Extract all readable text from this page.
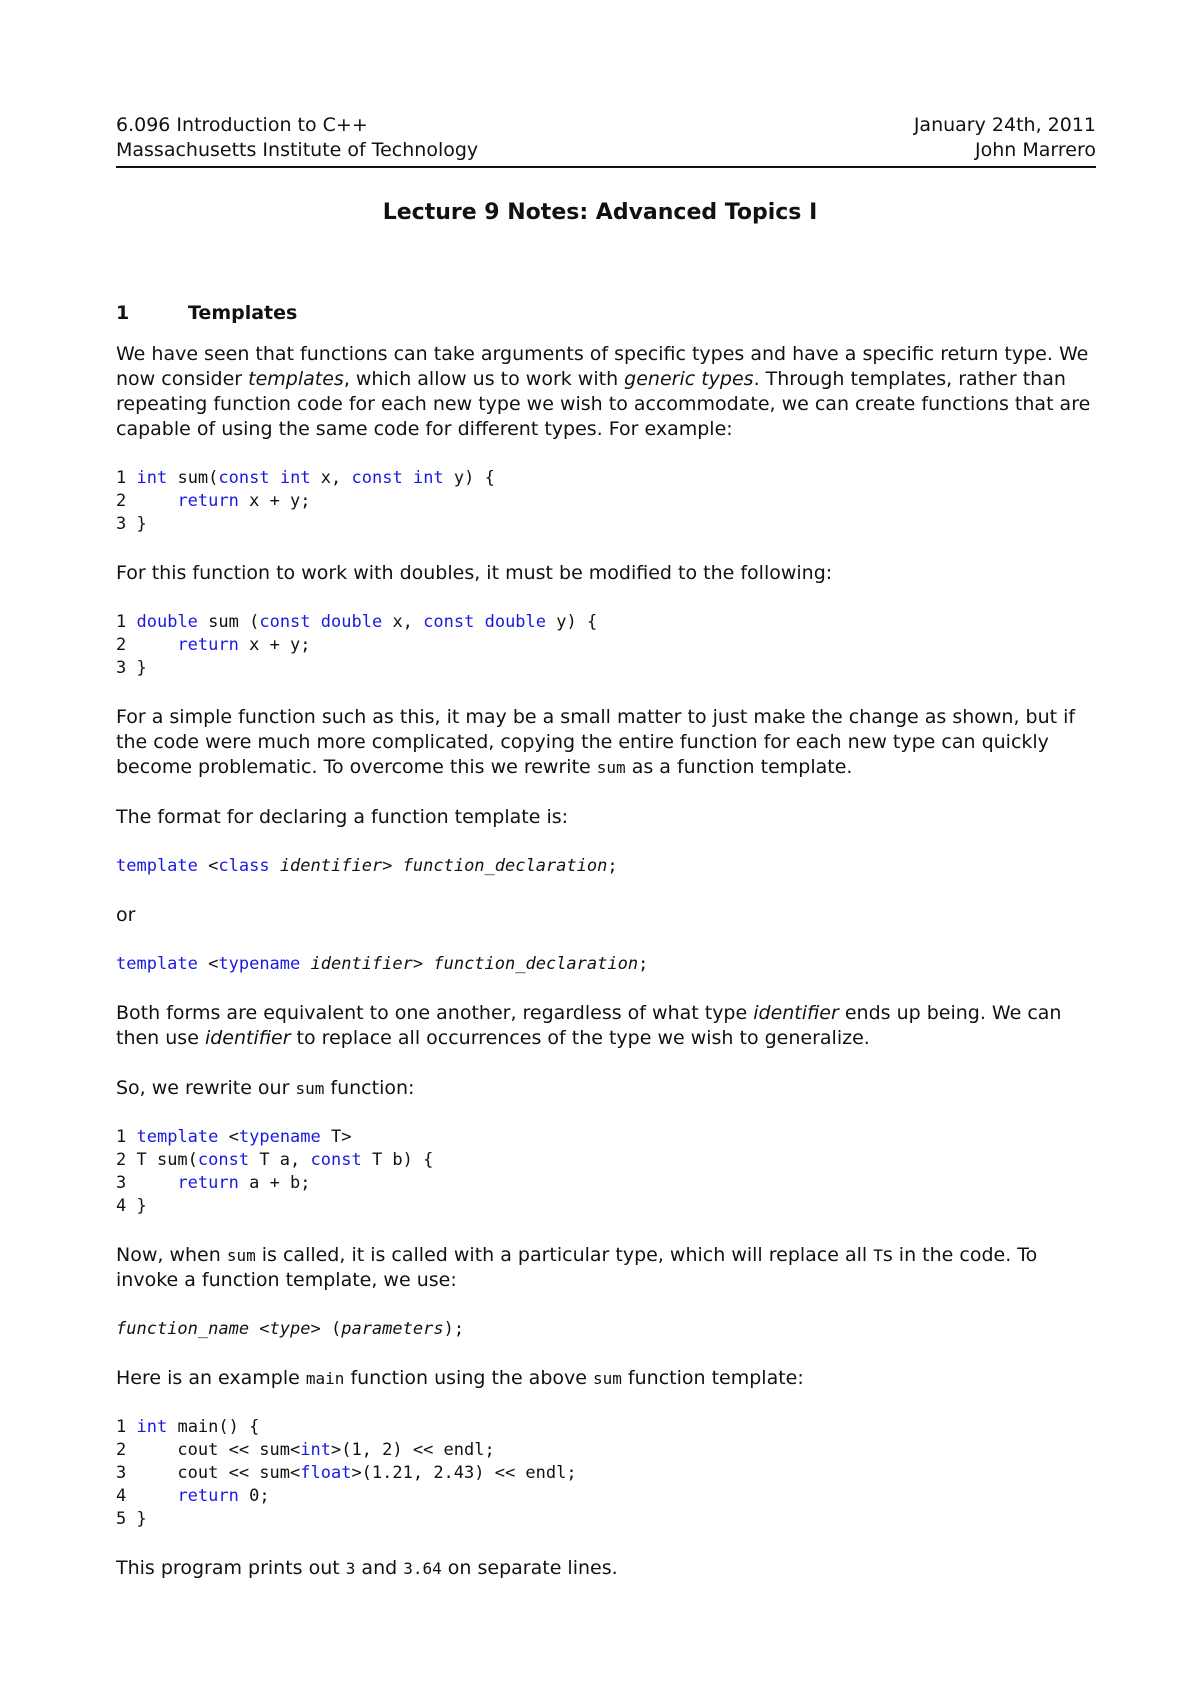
6.096 Introduction to C++	January 24th, 2011
Massachusetts Institute of Technology	John Marrero
Lecture 9 Notes: Advanced Topics I
1	Templates

We have seen that functions can take arguments of specific types and have a specific return type. We now consider templates, which allow us to work with generic types. Through templates, rather than repeating function code for each new type we wish to accommodate, we can create functions that are capable of using the same code for different types. For example:

1 int sum(const int x, const int y) {
2	return x + y;
3 }

For this function to work with doubles, it must be modified to the following:

1 double sum (const double x, const double y) {
2	return x + y;
3 }

For a simple function such as this, it may be a small matter to just make the change as shown, but if the code were much more complicated, copying the entire function for each new type can quickly become problematic. To overcome this we rewrite sum as a function template.

The format for declaring a function template is:

template <class identifier> function_declaration;

or

template <typename identifier> function_declaration;

Both forms are equivalent to one another, regardless of what type identifier ends up being. We can then use identifier to replace all occurrences of the type we wish to generalize.

So, we rewrite our sum function:

1 template <typename T>
2 T sum(const T a, const T b) {
3	return a + b;
4 }

Now, when sum is called, it is called with a particular type, which will replace all Ts in the code. To invoke a function template, we use:

function_name <type> (parameters);

Here is an example main function using the above sum function template:

1 int main() {
2     cout << sum<int>(1, 2) << endl;
3     cout << sum<float>(1.21, 2.43) << endl;
4	return 0;
5 }

This program prints out 3 and 3.64 on separate lines.
